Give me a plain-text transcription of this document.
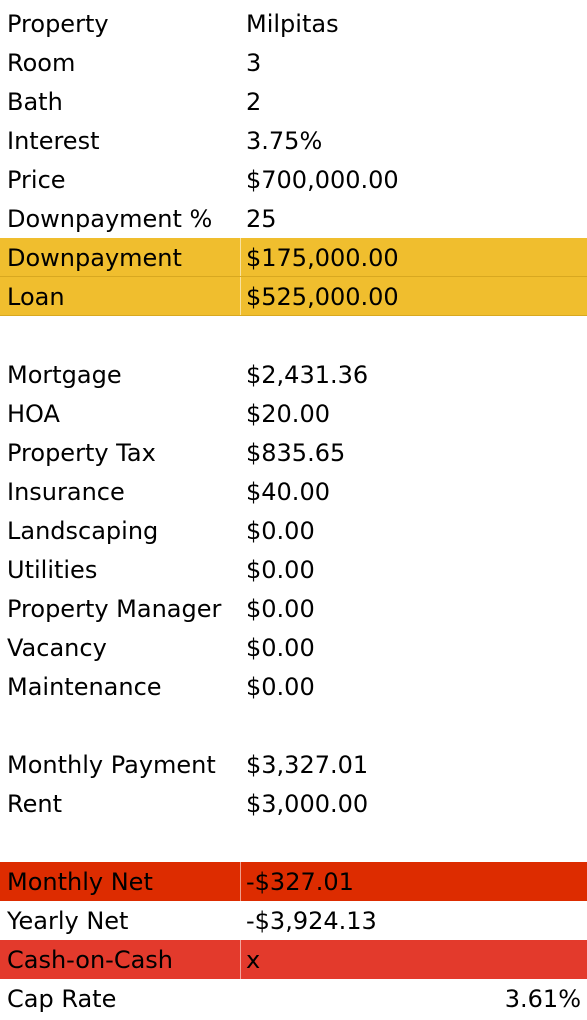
Property	Milpitas
Room	3
Bath	2
Interest	3.75%
Price	$700,000.00
Downpayment % 25
Downpayment	$175,000.00
Loan	$525,000.00
Mortgage	$2,431.36
HOA	$20.00
Property Tax	$835.65
Insurance	$40.00
Landscaping	$0.00
Utilities	$0.00
Property Manager $0.00
Vacancy	$0.00
Maintenance	$0.00
Monthly Payment $3,327.01
Rent	$3,000.00
Monthly Net	-$327.01
Yearly Net	-$3,924.13
Cash-on-Cash	x
Cap Rate	3.61%
